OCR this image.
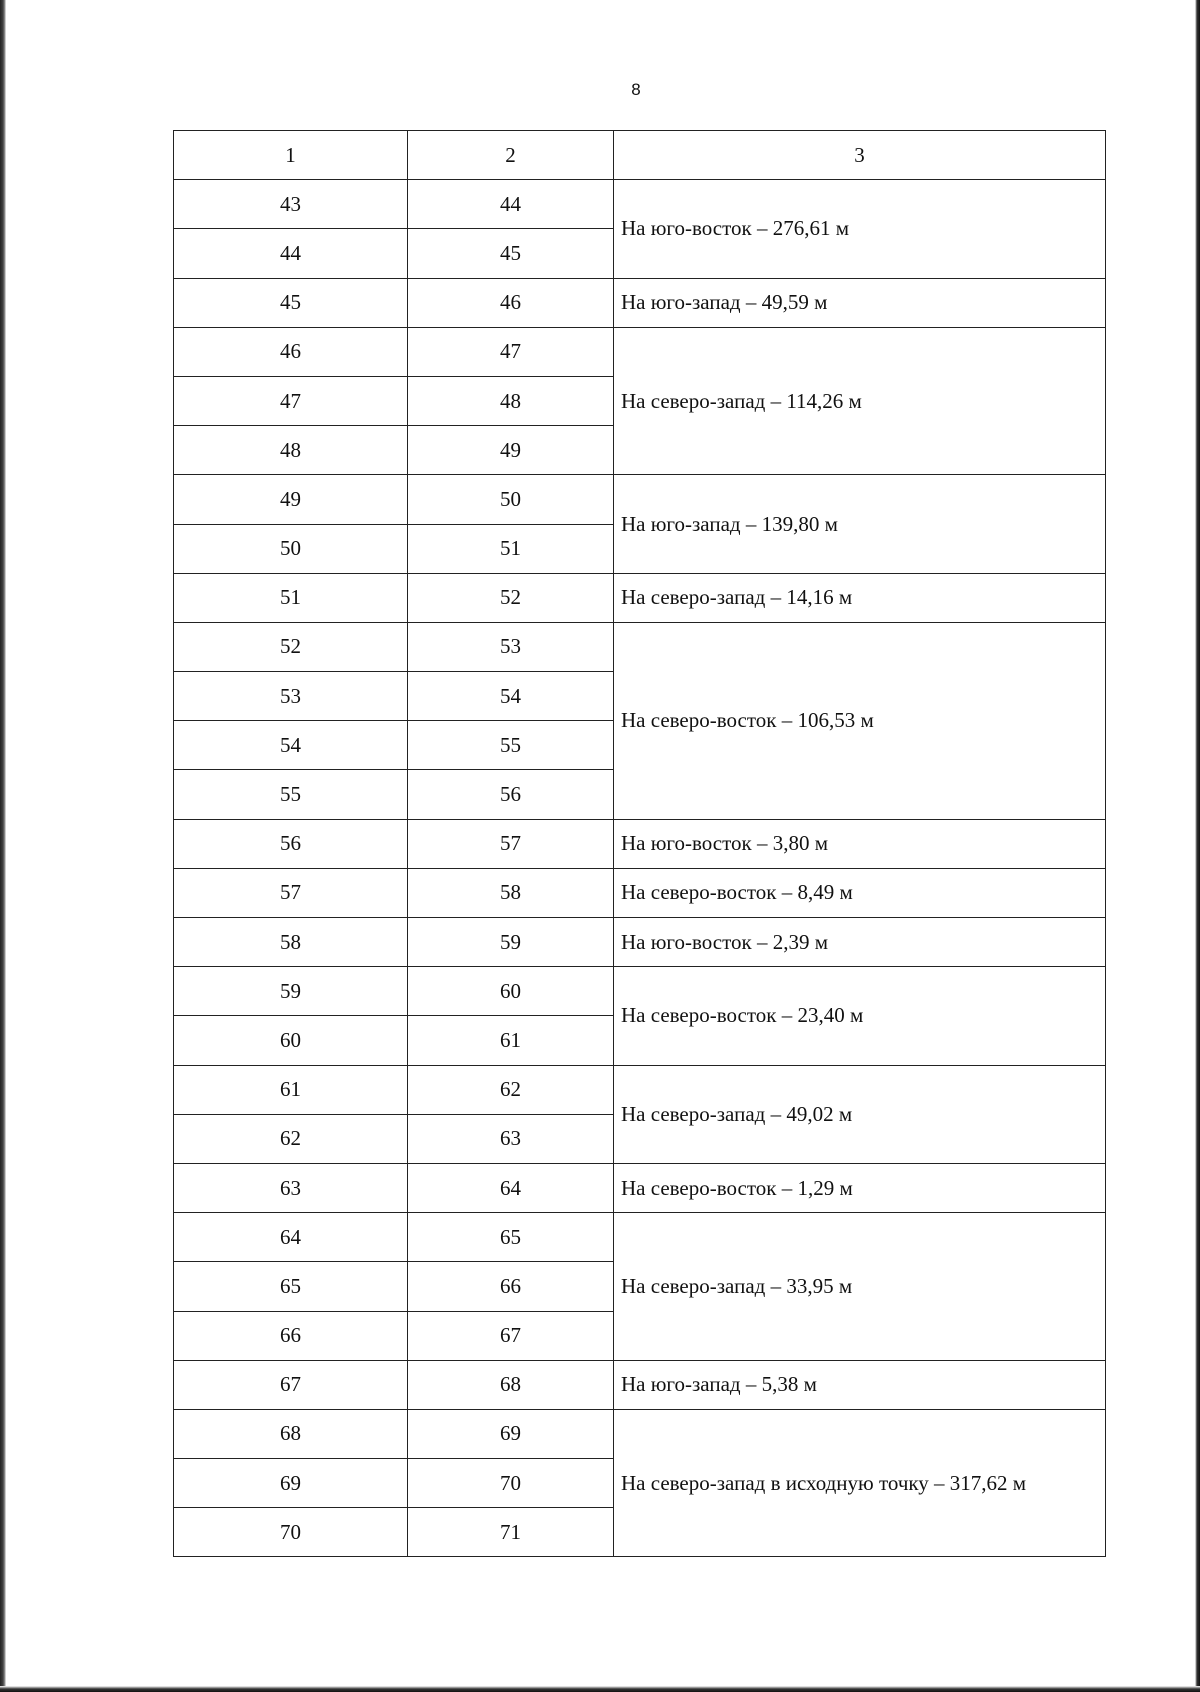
8
1	2	3
43	44	На юго-восток – 276,61 м
44	45	
45	46	На юго-запад – 49,59 м
46	47	На северо-запад – 114,26 м
47	48	
48	49	
49	50	На юго-запад – 139,80 м
50	51	
51	52	На северо-запад – 14,16 м
52	53	На северо-восток – 106,53 м
53	54	
54	55	
55	56	
56	57	На юго-восток – 3,80 м
57	58	На северо-восток – 8,49 м
58	59	На юго-восток – 2,39 м
59	60	На северо-восток – 23,40 м
60	61	
61	62	На северо-запад – 49,02 м
62	63	
63	64	На северо-восток – 1,29 м
64	65	На северо-запад – 33,95 м
65	66	
66	67	
67	68	На юго-запад – 5,38 м
68	69	На северо-запад в исходную точку – 317,62 м
69	70	
70	71	
